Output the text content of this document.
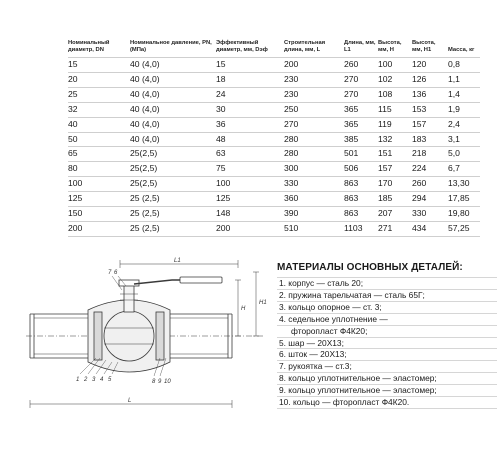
Номинальный диаметр, DN	Номинальное давление, PN, (МПа)	Эффективный диаметр, мм, Dэф	Строительная длина, мм, L	Длина, мм, L1	Высота, мм, H	Высота, мм, H1	Масса, кг
15	40 (4,0)	15	200	260	100	120	0,8
20	40 (4,0)	18	230	270	102	126	1,1
25	40 (4,0)	24	230	270	108	136	1,4
32	40 (4,0)	30	250	365	115	153	1,9
40	40 (4,0)	36	270	365	119	157	2,4
50	40 (4,0)	48	280	385	132	183	3,1
65	25(2,5)	63	280	501	151	218	5,0
80	25(2,5)	75	300	506	157	224	6,7
100	25(2,5)	100	330	863	170	260	13,30
125	25 (2,5)	125	360	863	185	294	17,85
150	25 (2,5)	148	390	863	207	330	19,80
200	25 (2,5)	200	510	1103	271	434	57,25
L1
H
H1
L
1 2 3 4 5
6
7
8 9 10
МАТЕРИАЛЫ ОСНОВНЫХ ДЕТАЛЕЙ:
1. корпус — сталь 20;
2. пружина тарельчатая — сталь 65Г;
3. кольцо опорное — ст. 3;
4. седельное уплотнение —
фторопласт Ф4К20;
5. шар — 20X13;
6. шток — 20X13;
7. рукоятка — ст.3;
8. кольцо уплотнительное — эластомер;
9. кольцо уплотнительное — эластомер;
10. кольцо — фторопласт Ф4К20.
